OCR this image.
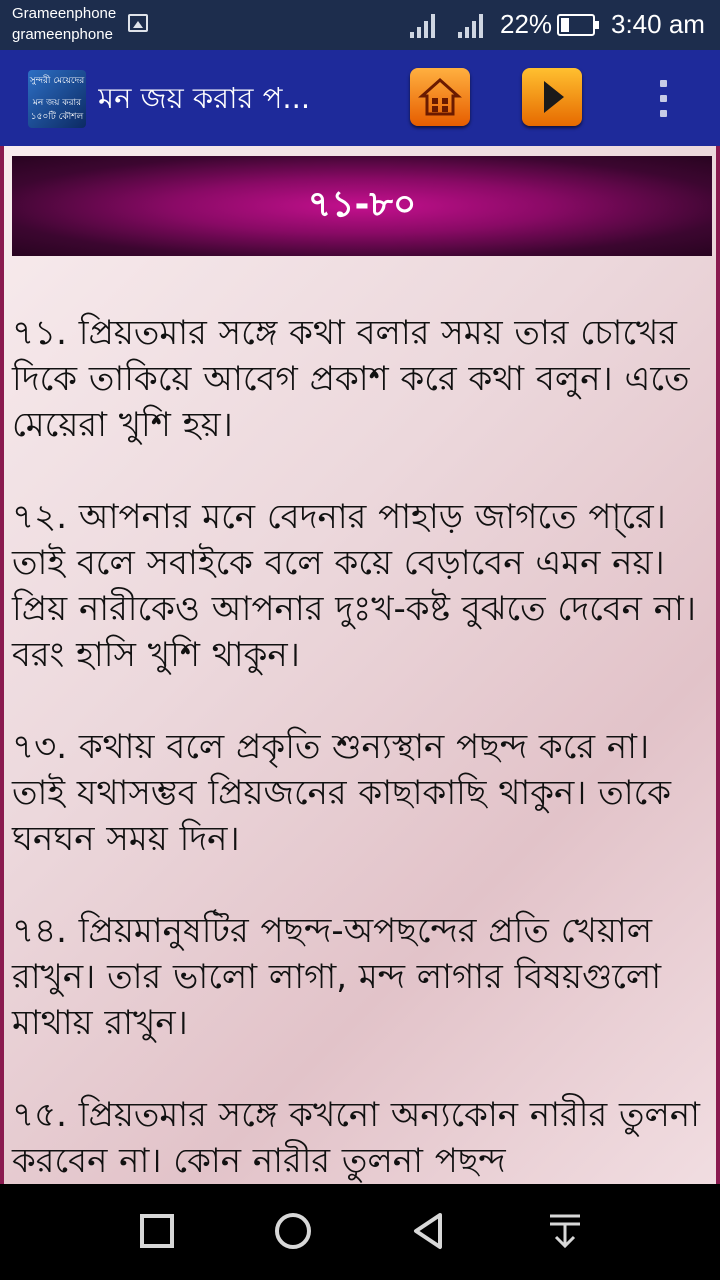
Grameenphone
grameenphone	22% 3:40 am
সুন্দরী মেয়েদের
মন জয় করার
১৫০টি কৌশল
মন জয় করার প...
৭১-৮০
৭১. প্রিয়তমার সঙ্গে কথা বলার সময় তার চোখের দিকে তাকিয়ে আবেগ প্রকাশ করে কথা বলুন। এতে মেয়েরা খুশি হয়।

৭২. আপনার মনে বেদনার পাহাড় জাগতে পা্রে। তাই বলে সবাইকে বলে কয়ে বেড়াবেন এমন নয়। প্রিয় নারীকেও আপনার দুঃখ-কষ্ট বুঝতে দেবেন না। বরং হাসি খুশি থাকুন।

৭৩. কথায় বলে প্রকৃতি শুন্যস্থান পছন্দ করে না। তাই যথাসম্ভব প্রিয়জনের কাছাকাছি থাকুন। তাকে ঘনঘন সময় দিন।

৭৪. প্রিয়মানুষটির পছন্দ-অপছন্দের প্রতি খেয়াল রাখুন। তার ভালো লাগা, মন্দ লাগার বিষয়গুলো মাথায় রাখুন।

৭৫. প্রিয়তমার সঙ্গে কখনো অন্যকোন নারীর তুলনা করবেন না। কোন নারীর তুলনা পছন্দ
